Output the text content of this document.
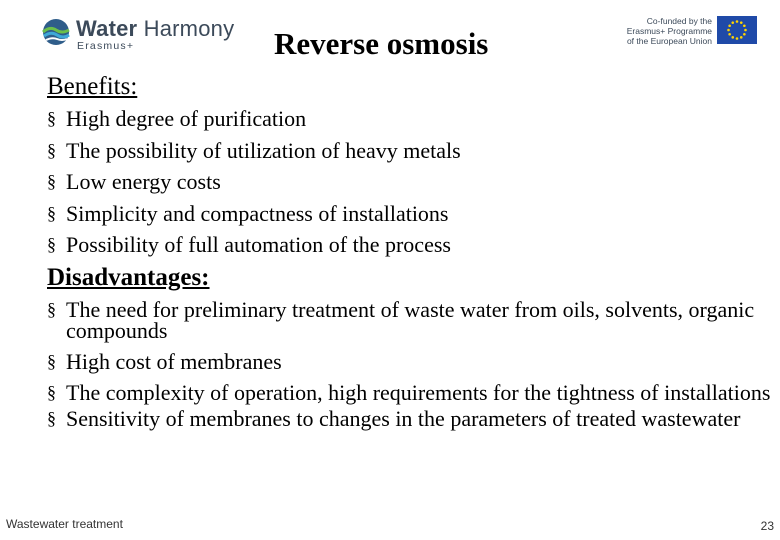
Water Harmony
Erasmus+	Reverse osmosis
Co-funded by the
Erasmus+ Programme
of the European Union
Benefits:
§ High degree of purification
§ The possibility of utilization of heavy metals
§ Low energy costs
§ Simplicity and compactness of installations
§ Possibility of full automation of the process
Disadvantages:
§ The need for preliminary treatment of waste water from oils, solvents, organic compounds
§ High cost of membranes
§ The complexity of operation, high requirements for the tightness of installations
§ Sensitivity of membranes to changes in the parameters of treated wastewater
Wastewater treatment	23
